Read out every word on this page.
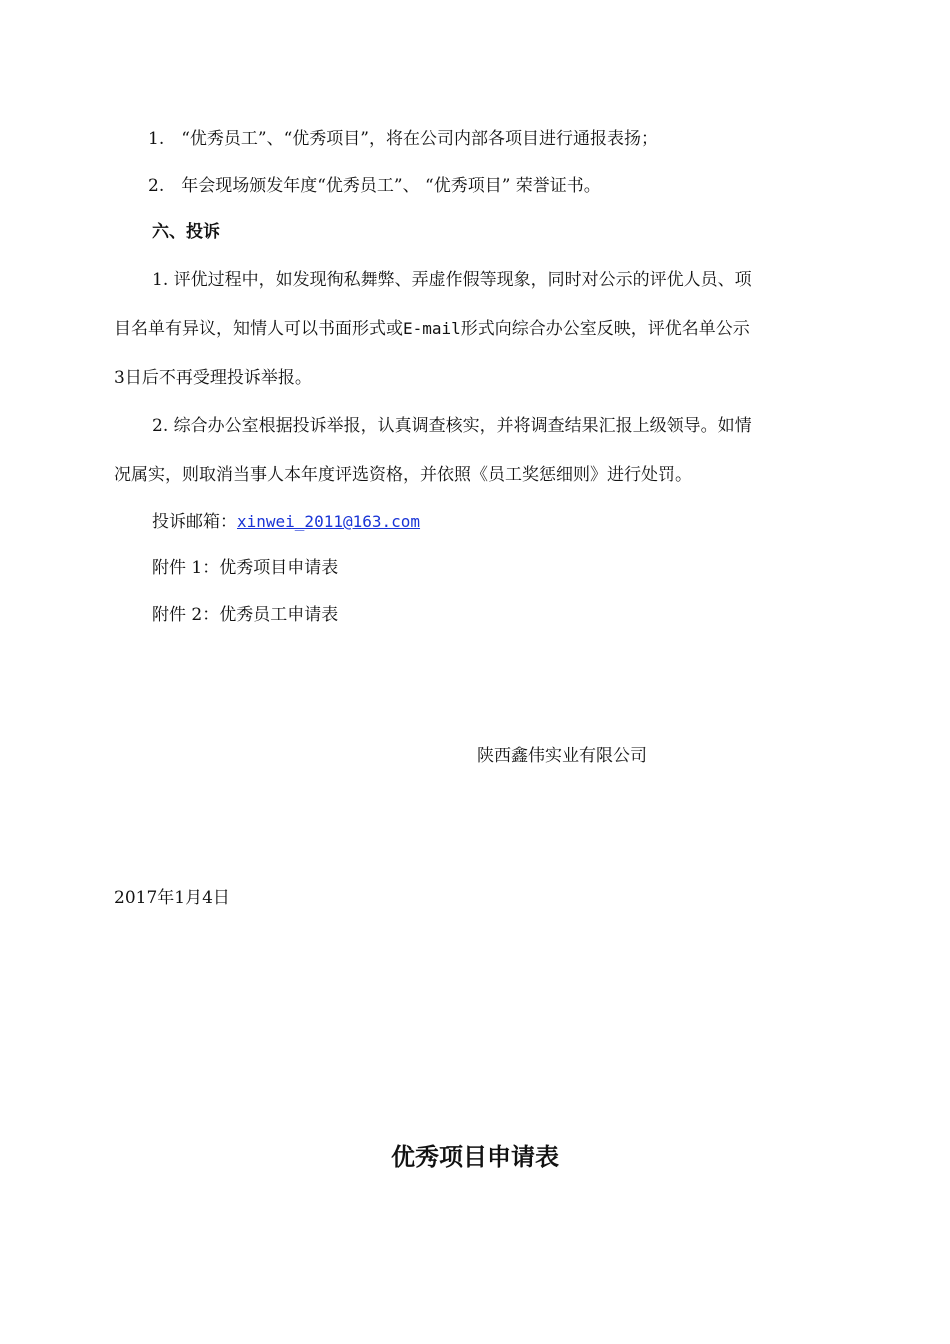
1.　“优秀员工”、“优秀项目”，将在公司内部各项目进行通报表扬；
2.　年会现场颁发年度“优秀员工”、 “优秀项目” 荣誉证书。
六、投诉
1. 评优过程中，如发现徇私舞弊、弄虚作假等现象，同时对公示的评优人员、项
目名单有异议，知情人可以书面形式或E-mail形式向综合办公室反映，评优名单公示
3日后不再受理投诉举报。
2. 综合办公室根据投诉举报，认真调查核实，并将调查结果汇报上级领导。如情
况属实，则取消当事人本年度评选资格，并依照《员工奖惩细则》进行处罚。
投诉邮箱：xinwei_2011@163.com
附件 1：优秀项目申请表
附件 2：优秀员工申请表
陕西鑫伟实业有限公司
2017年1月4日
优秀项目申请表
